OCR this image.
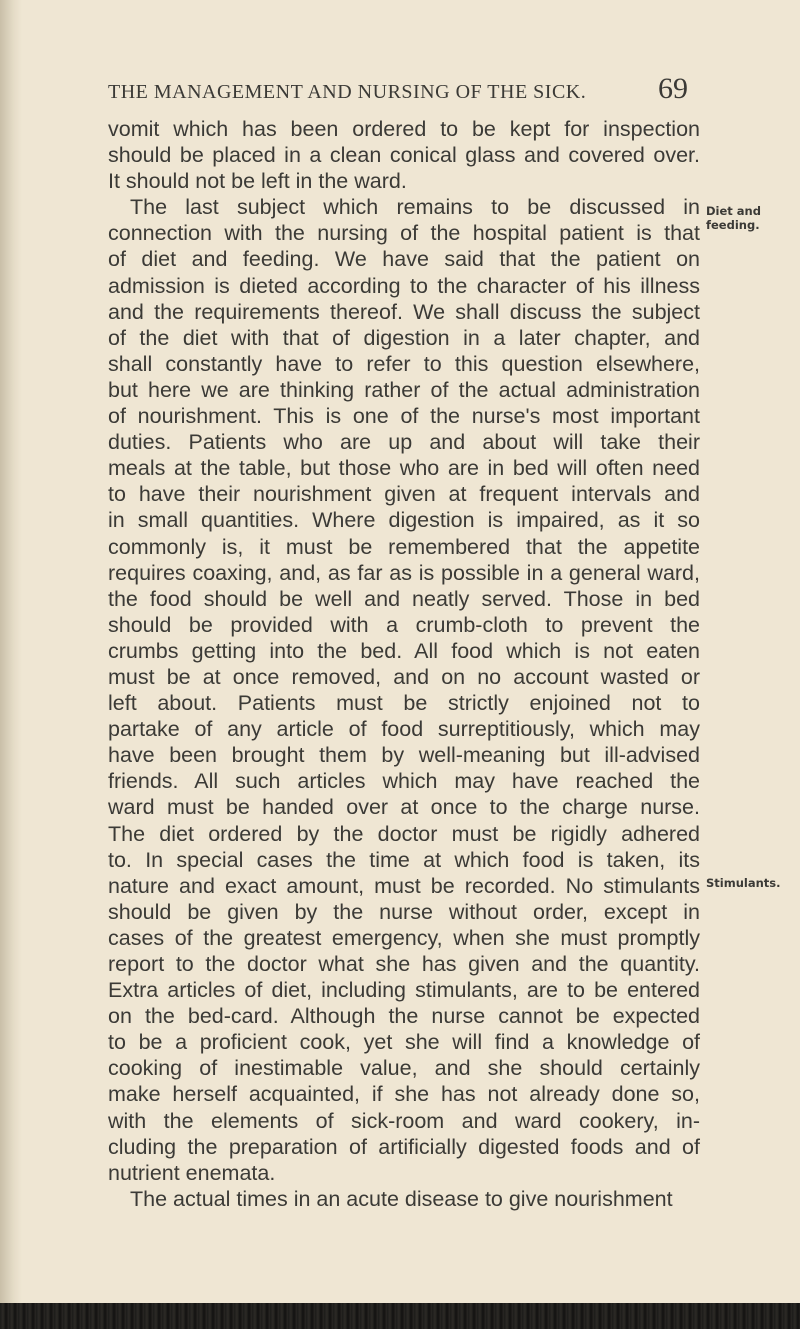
THE MANAGEMENT AND NURSING OF THE SICK. 69
vomit which has been ordered to be kept for inspection
should be placed in a clean conical glass and covered over.
It should not be left in the ward.
The last subject which remains to be discussed in
connection with the nursing of the hospital patient is that
of diet and feeding. We have said that the patient on
admission is dieted according to the character of his illness
and the requirements thereof. We shall discuss the subject
of the diet with that of digestion in a later chapter, and
shall constantly have to refer to this question elsewhere,
but here we are thinking rather of the actual administration
of nourishment. This is one of the nurse's most important
duties. Patients who are up and about will take their
meals at the table, but those who are in bed will often need
to have their nourishment given at frequent intervals and
in small quantities. Where digestion is impaired, as it so
commonly is, it must be remembered that the appetite
requires coaxing, and, as far as is possible in a general ward,
the food should be well and neatly served. Those in bed
should be provided with a crumb-cloth to prevent the
crumbs getting into the bed. All food which is not eaten
must be at once removed, and on no account wasted or
left about. Patients must be strictly enjoined not to
partake of any article of food surreptitiously, which may
have been brought them by well-meaning but ill-advised
friends. All such articles which may have reached the
ward must be handed over at once to the charge nurse.
The diet ordered by the doctor must be rigidly adhered
to. In special cases the time at which food is taken, its
nature and exact amount, must be recorded. No stimulants
should be given by the nurse without order, except in
cases of the greatest emergency, when she must promptly
report to the doctor what she has given and the quantity.
Extra articles of diet, including stimulants, are to be entered
on the bed-card. Although the nurse cannot be expected
to be a proficient cook, yet she will find a knowledge of
cooking of inestimable value, and she should certainly
make herself acquainted, if she has not already done so,
with the elements of sick-room and ward cookery, in-
cluding the preparation of artificially digested foods and of
nutrient enemata.
The actual times in an acute disease to give nourishment
Diet and
feeding.
Stimulants.
